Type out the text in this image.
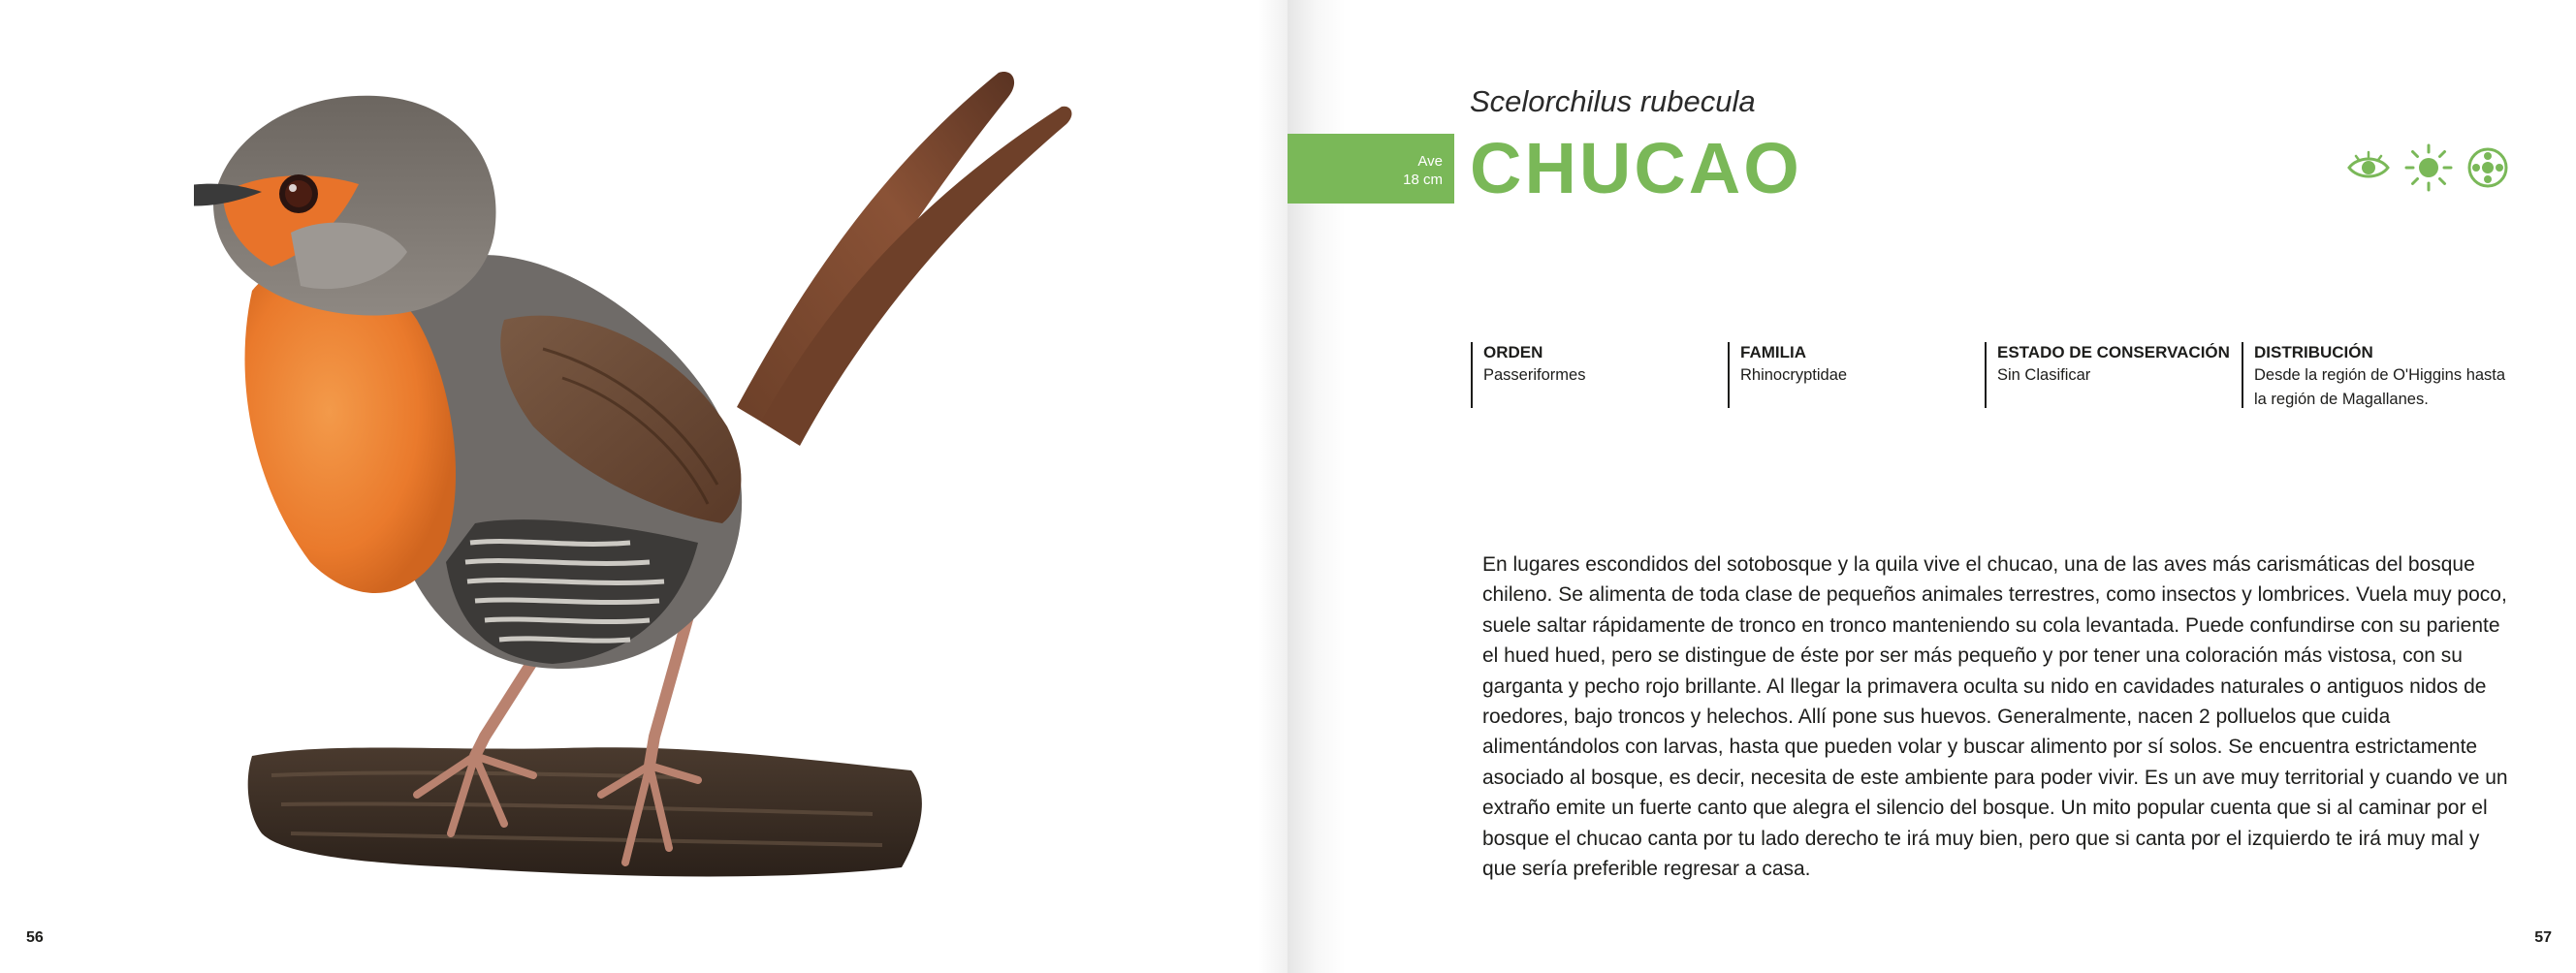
56
Scelorchilus rubecula
Ave
18 cm CHUCAO
ORDEN
Passeriformes
FAMILIA
Rhinocryptidae
ESTADO DE CONSERVACIÓN
Sin Clasificar
DISTRIBUCIÓN
Desde la región de O'Higgins hasta la región de Magallanes.
En lugares escondidos del sotobosque y la quila vive el chucao, una de las aves más carismáticas del bosque chileno. Se alimenta de toda clase de pequeños animales terrestres, como insectos y lombrices. Vuela muy poco, suele saltar rápidamente de tronco en tronco manteniendo su cola levantada. Puede confundirse con su pariente el hued hued, pero se distingue de éste por ser más pequeño y por tener una coloración más vistosa, con su garganta y pecho rojo brillante. Al llegar la primavera oculta su nido en cavidades naturales o antiguos nidos de roedores, bajo troncos y helechos. Allí pone sus huevos. Generalmente, nacen 2 polluelos que cuida alimentándolos con larvas, hasta que pueden volar y buscar alimento por sí solos. Se encuentra estrictamente asociado al bosque, es decir, necesita de este ambiente para poder vivir. Es un ave muy territorial y cuando ve un extraño emite un fuerte canto que alegra el silencio del bosque. Un mito popular cuenta que si al caminar por el bosque el chucao canta por tu lado derecho te irá muy bien, pero que si canta por el izquierdo te irá muy mal y que sería preferible regresar a casa.
57
